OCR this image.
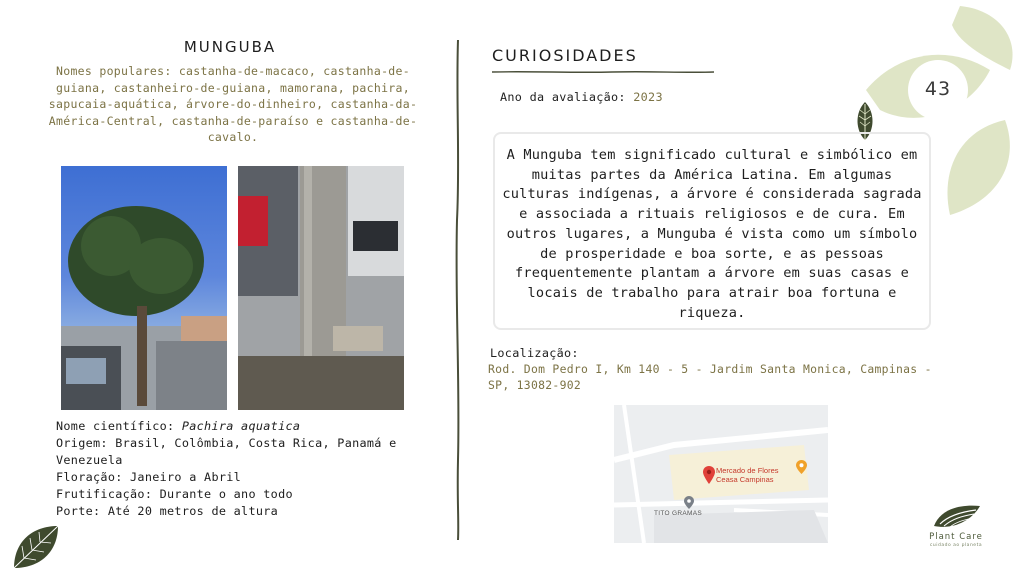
43
MUNGUBA
Nomes populares: castanha-de-macaco, castanha-de-guiana, castanheiro-de-guiana, mamorana, pachira, sapucaia-aquática, árvore-do-dinheiro, castanha-da-América-Central, castanha-de-paraíso e castanha-de-cavalo.

Nome científico: Pachira aquatica

Origem: Brasil, Colômbia, Costa Rica, Panamá e Venezuela

Floração: Janeiro a Abril

Frutificação: Durante o ano todo

Porte: Até 20 metros de altura

CURIOSIDADES
Ano da avaliação: 2023
A Munguba tem significado cultural e simbólico em muitas partes da América Latina. Em algumas culturas indígenas, a árvore é considerada sagrada e associada a rituais religiosos e de cura. Em outros lugares, a Munguba é vista como um símbolo de prosperidade e boa sorte, e as pessoas frequentemente plantam a árvore em suas casas e locais de trabalho para atrair boa fortuna e riqueza.
Localização:
Rod. Dom Pedro I, Km 140 - 5 - Jardim Santa Monica, Campinas - SP, 13082-902
Mercado de Flores
Ceasa Campinas
TITO GRAMAS
Plant Care
cuidado ao planeta
